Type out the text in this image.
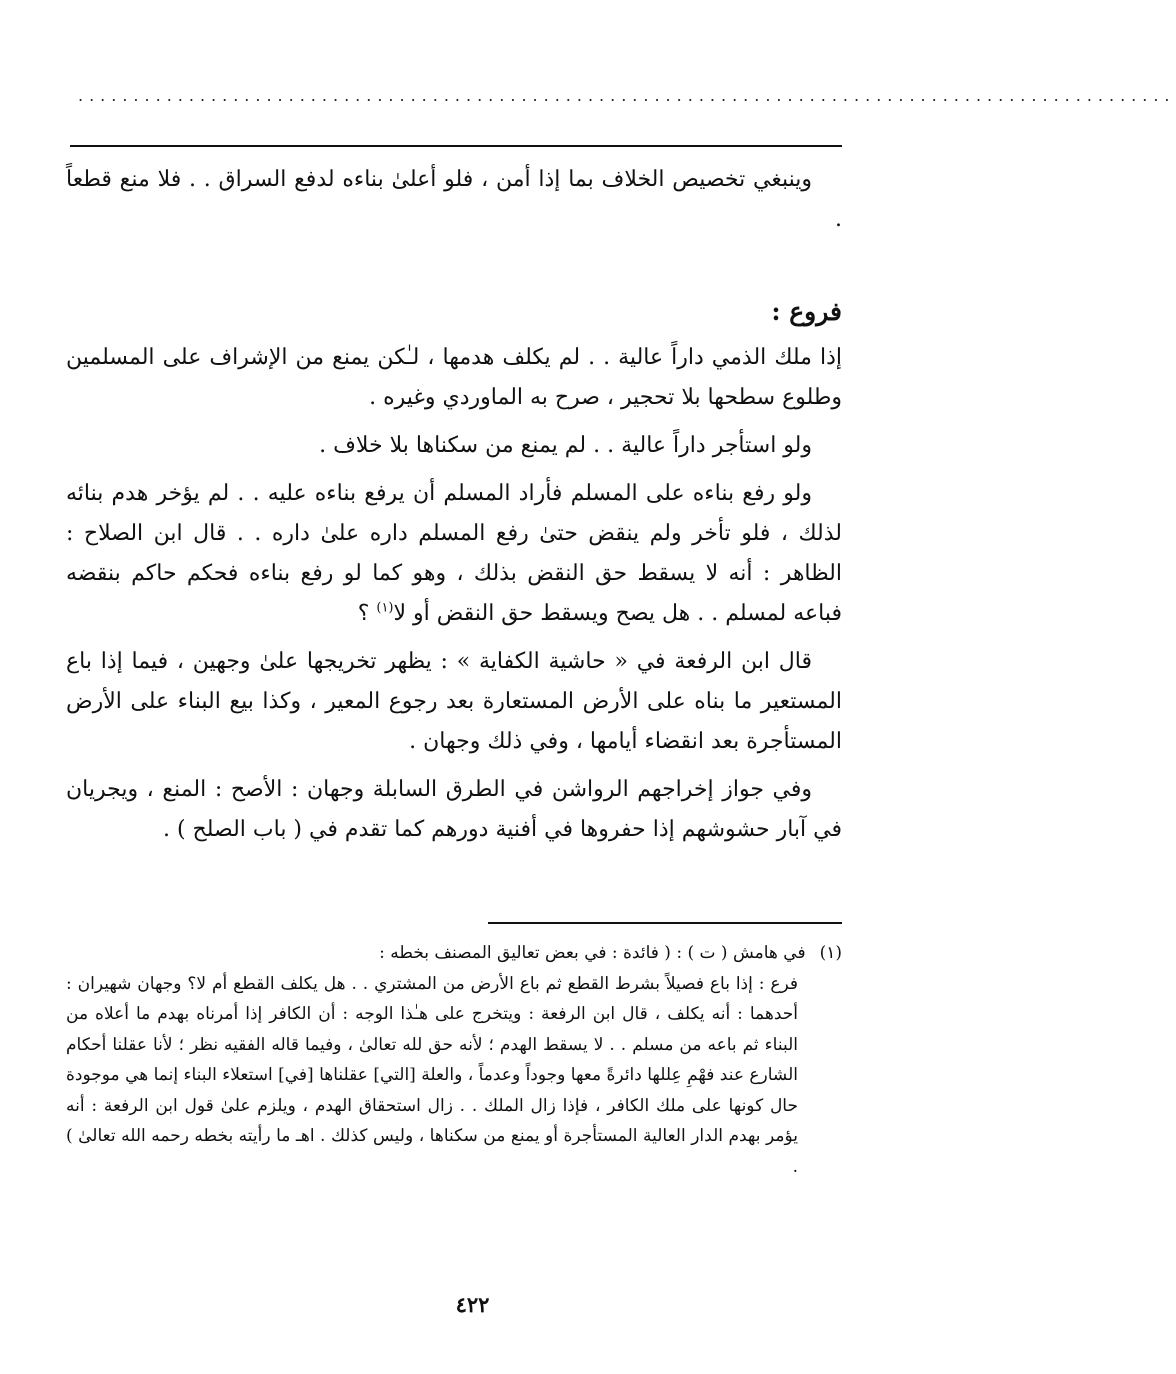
...................................................................................................

وينبغي تخصيص الخلاف بما إذا أمن ، فلو أعلىٰ بناءه لدفع السراق . . فلا منع قطعاً .

فروع :

إذا ملك الذمي داراً عالية . . لم يكلف هدمها ، لـٰكن يمنع من الإشراف على المسلمين وطلوع سطحها بلا تحجير ، صرح به الماوردي وغيره .

ولو استأجر داراً عالية . . لم يمنع من سكناها بلا خلاف .

ولو رفع بناءه على المسلم فأراد المسلم أن يرفع بناءه عليه . . لم يؤخر هدم بنائه لذلك ، فلو تأخر ولم ينقض حتىٰ رفع المسلم داره علىٰ داره . . قال ابن الصلاح : الظاهر : أنه لا يسقط حق النقض بذلك ، وهو كما لو رفع بناءه فحكم حاكم بنقضه فباعه لمسلم . . هل يصح ويسقط حق النقض أو لا$^{(١)}$ ؟

قال ابن الرفعة في « حاشية الكفاية » : يظهر تخريجها علىٰ وجهين ، فيما إذا باع المستعير ما بناه على الأرض المستعارة بعد رجوع المعير ، وكذا بيع البناء على الأرض المستأجرة بعد انقضاء أيامها ، وفي ذلك وجهان .

وفي جواز إخراجهم الرواشن في الطرق السابلة وجهان : الأصح : المنع ، ويجريان في آبار حشوشهم إذا حفروها في أفنية دورهم كما تقدم في ( باب الصلح ) .

(١)في هامش ( ت ) : ( فائدة : في بعض تعاليق المصنف بخطه :

فرع : إذا باع فصيلاً بشرط القطع ثم باع الأرض من المشتري . . هل يكلف القطع أم لا؟ وجهان شهيران : أحدهما : أنه يكلف ، قال ابن الرفعة : ويتخرج على هـٰذا الوجه : أن الكافر إذا أمرناه بهدم ما أعلاه من البناء ثم باعه من مسلم . . لا يسقط الهدم ؛ لأنه حق لله تعالىٰ ، وفيما قاله الفقيه نظر ؛ لأنا عقلنا أحكام الشارع عند فهْمِ عِللها دائرةً معها وجوداً وعدماً ، والعلة [التي] عقلناها [في] استعلاء البناء إنما هي موجودة حال كونها على ملك الكافر ، فإذا زال الملك . . زال استحقاق الهدم ، ويلزم علىٰ قول ابن الرفعة : أنه يؤمر بهدم الدار العالية المستأجرة أو يمنع من سكناها ، وليس كذلك . اهـ ما رأيته بخطه رحمه الله تعالىٰ ) .

٤٢٢
